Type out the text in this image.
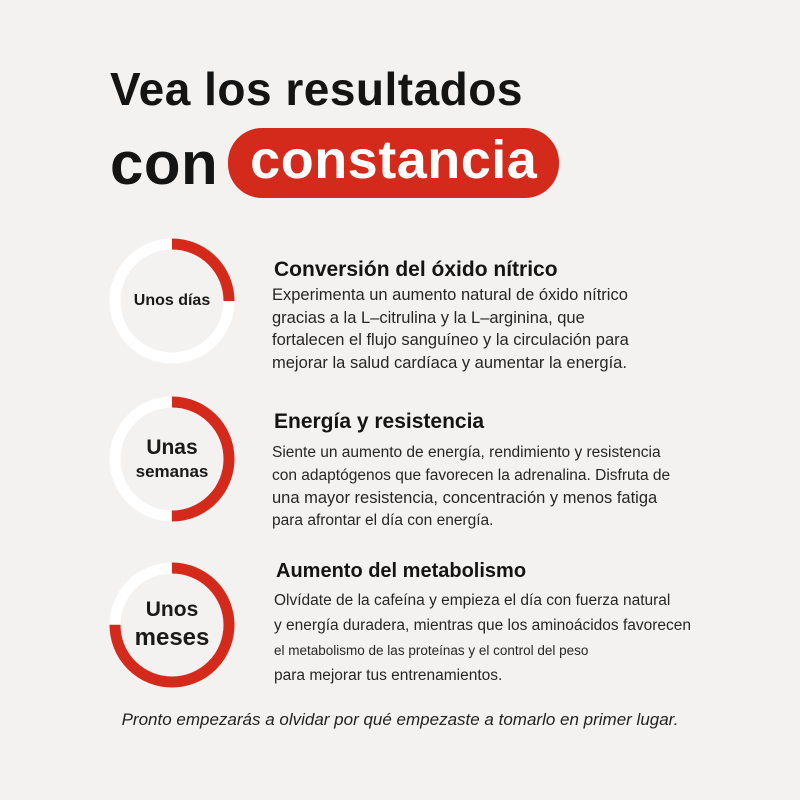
Vea los resultados
con constancia
Unos días
Conversión del óxido nítrico
Experimenta un aumento natural de óxido nítrico
gracias a la L–citrulina y la L–arginina, que
fortalecen el flujo sanguíneo y la circulación para
mejorar la salud cardíaca y aumentar la energía.
Unas
semanas
Energía y resistencia
Siente un aumento de energía, rendimiento y resistencia
con adaptógenos que favorecen la adrenalina. Disfruta de
una mayor resistencia, concentración y menos fatiga
para afrontar el día con energía.
Unos
meses
Aumento del metabolismo
Olvídate de la cafeína y empieza el día con fuerza natural
y energía duradera, mientras que los aminoácidos favorecen
el metabolismo de las proteínas y el control del peso
para mejorar tus entrenamientos.
Pronto empezarás a olvidar por qué empezaste a tomarlo en primer lugar.
